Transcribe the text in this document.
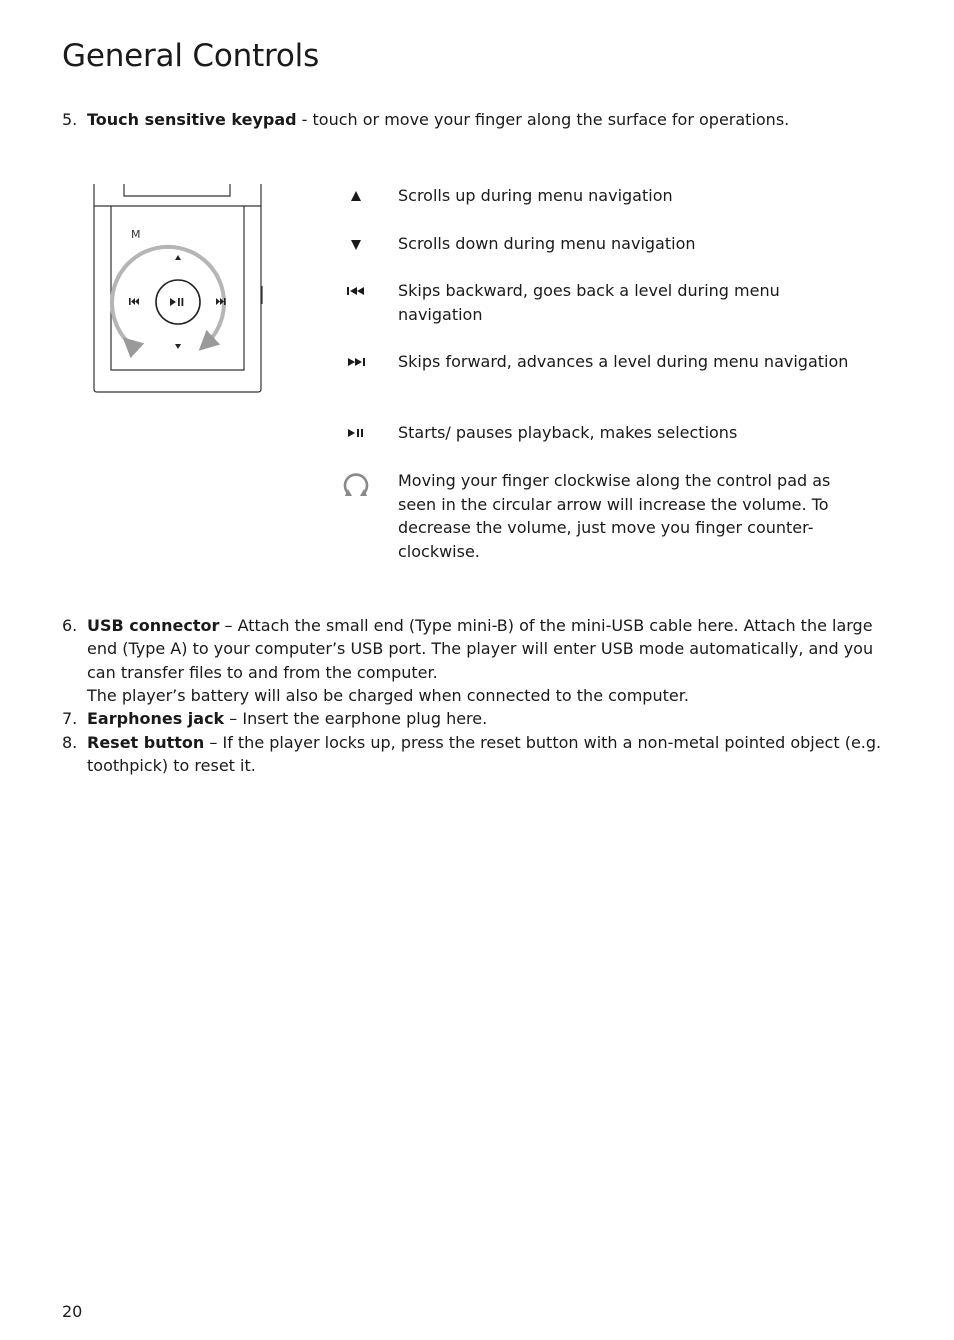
General Controls
5. Touch sensitive keypad - touch or move your finger along the surface for operations.
M
Scrolls up during menu navigation
Scrolls down during menu navigation
Skips backward, goes back a level during menu navigation
Skips forward, advances a level during menu navigation
Starts/ pauses playback, makes selections
Moving your finger clockwise along the control pad as seen in the circular arrow will increase the volume. To decrease the volume, just move you finger counter-clockwise.
6. USB connector – Attach the small end (Type mini-B) of the mini-USB cable here. Attach the large end (Type A) to your computer’s USB port. The player will enter USB mode automatically, and you can transfer files to and from the computer.
The player’s battery will also be charged when connected to the computer.
7. Earphones jack – Insert the earphone plug here.
8. Reset button – If the player locks up, press the reset button with a non-metal pointed object (e.g. toothpick) to reset it.
20
